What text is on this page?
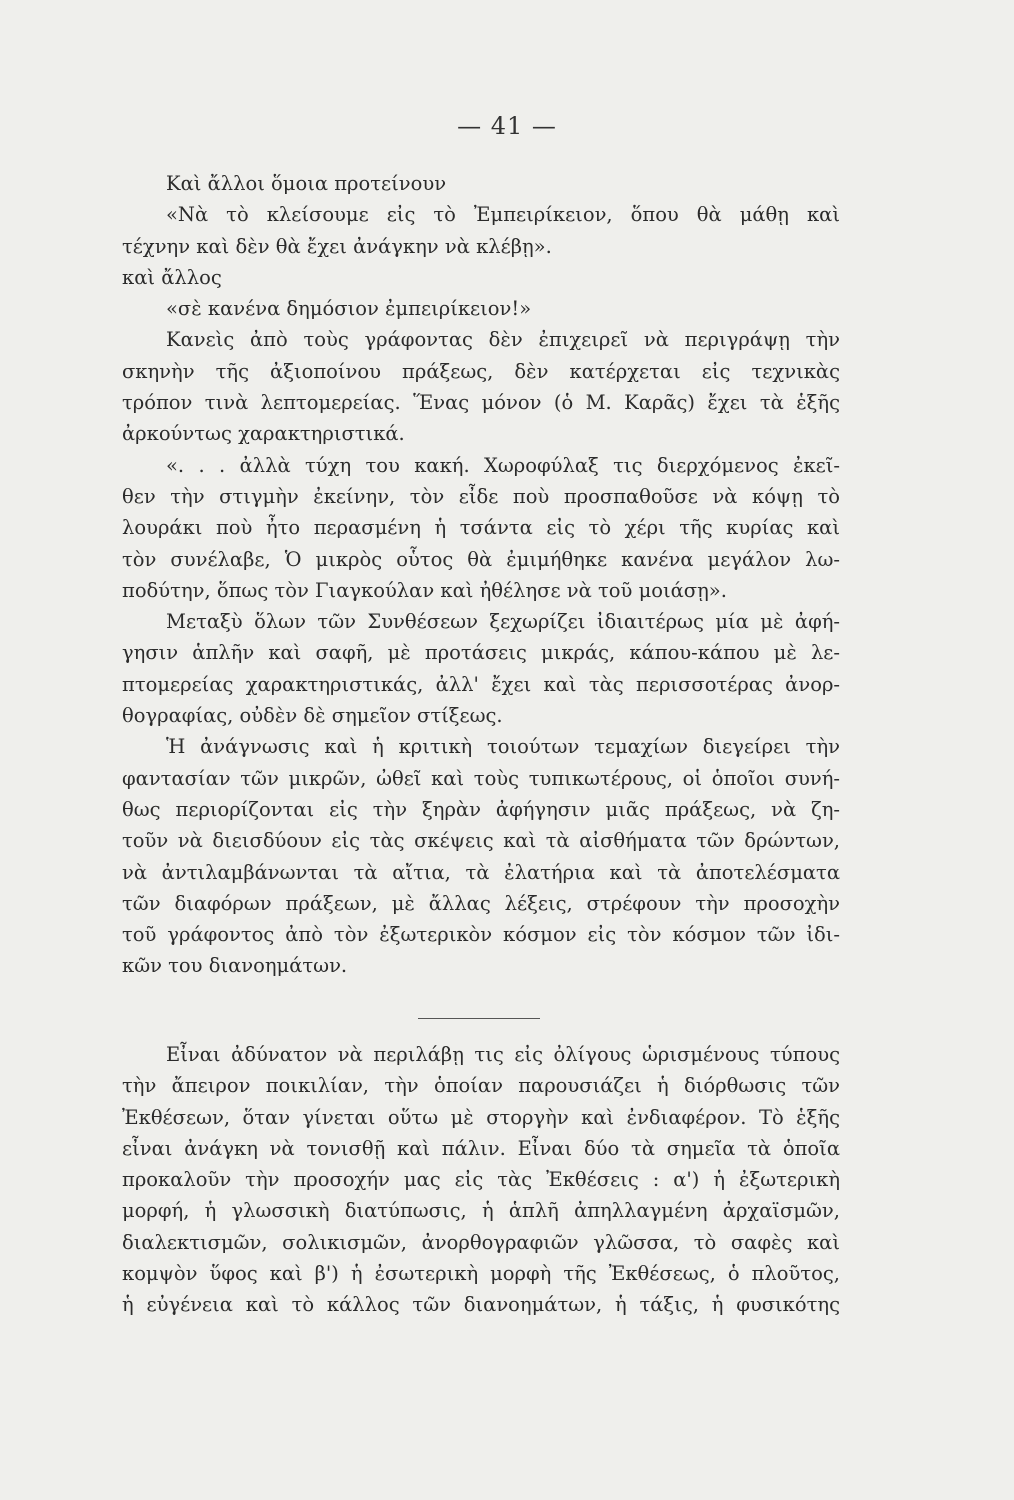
— 41 —
Καὶ ἄλλοι ὅμοια προτείνουν
«Νὰ τὸ κλείσουμε εἰς τὸ Ἐμπειρίκειον, ὅπου θὰ μάθῃ καὶ
τέχνην καὶ δὲν θὰ ἔχει ἀνάγκην νὰ κλέβῃ».
καὶ ἄλλος
«σὲ κανένα δημόσιον ἐμπειρίκειον!»
Κανεὶς ἀπὸ τοὺς γράφοντας δὲν ἐπιχειρεῖ νὰ περιγράψῃ τὴν
σκηνὴν τῆς ἀξιοποίνου πράξεως, δὲν κατέρχεται εἰς τεχνικὰς
τρόπον τινὰ λεπτομερείας. Ἕνας μόνον (ὁ Μ. Καρᾶς) ἔχει τὰ ἑξῆς
ἀρκούντως χαρακτηριστικά.
«. . . ἀλλὰ τύχη του κακή. Χωροφύλαξ τις διερχόμενος ἐκεῖ-
θεν τὴν στιγμὴν ἐκείνην, τὸν εἶδε ποὺ προσπαθοῦσε νὰ κόψῃ τὸ
λουράκι ποὺ ἦτο περασμένη ἡ τσάντα εἰς τὸ χέρι τῆς κυρίας καὶ
τὸν συνέλαβε, Ὁ μικρὸς οὗτος θὰ ἐμιμήθηκε κανένα μεγάλον λω-
ποδύτην, ὅπως τὸν Γιαγκούλαν καὶ ἠθέλησε νὰ τοῦ μοιάσῃ».
Μεταξὺ ὅλων τῶν Συνθέσεων ξεχωρίζει ἰδιαιτέρως μία μὲ ἀφή-
γησιν ἁπλῆν καὶ σαφῆ, μὲ προτάσεις μικράς, κάπου-κάπου μὲ λε-
πτομερείας χαρακτηριστικάς, ἀλλ' ἔχει καὶ τὰς περισσοτέρας ἀνορ-
θογραφίας, οὐδὲν δὲ σημεῖον στίξεως.
Ἡ ἀνάγνωσις καὶ ἡ κριτικὴ τοιούτων τεμαχίων διεγείρει τὴν
φαντασίαν τῶν μικρῶν, ὠθεῖ καὶ τοὺς τυπικωτέρους, οἱ ὁποῖοι συνή-
θως περιορίζονται εἰς τὴν ξηρὰν ἀφήγησιν μιᾶς πράξεως, νὰ ζη-
τοῦν νὰ διεισδύουν εἰς τὰς σκέψεις καὶ τὰ αἰσθήματα τῶν δρώντων,
νὰ ἀντιλαμβάνωνται τὰ αἴτια, τὰ ἐλατήρια καὶ τὰ ἀποτελέσματα
τῶν διαφόρων πράξεων, μὲ ἄλλας λέξεις, στρέφουν τὴν προσοχὴν
τοῦ γράφοντος ἀπὸ τὸν ἐξωτερικὸν κόσμον εἰς τὸν κόσμον τῶν ἰδι-
κῶν του διανοημάτων.
Εἶναι ἀδύνατον νὰ περιλάβῃ τις εἰς ὀλίγους ὡρισμένους τύπους
τὴν ἄπειρον ποικιλίαν, τὴν ὁποίαν παρουσιάζει ἡ διόρθωσις τῶν
Ἐκθέσεων, ὅταν γίνεται οὕτω μὲ στοργὴν καὶ ἐνδιαφέρον. Τὸ ἑξῆς
εἶναι ἀνάγκη νὰ τονισθῇ καὶ πάλιν. Εἶναι δύο τὰ σημεῖα τὰ ὁποῖα
προκαλοῦν τὴν προσοχήν μας εἰς τὰς Ἐκθέσεις : α') ἡ ἐξωτερικὴ
μορφή, ἡ γλωσσικὴ διατύπωσις, ἡ ἁπλῆ ἀπηλλαγμένη ἀρχαϊσμῶν,
διαλεκτισμῶν, σολικισμῶν, ἀνορθογραφιῶν γλῶσσα, τὸ σαφὲς καὶ
κομψὸν ὕφος καὶ β') ἡ ἐσωτερικὴ μορφὴ τῆς Ἐκθέσεως, ὁ πλοῦτος,
ἡ εὐγένεια καὶ τὸ κάλλος τῶν διανοημάτων, ἡ τάξις, ἡ φυσικότης
